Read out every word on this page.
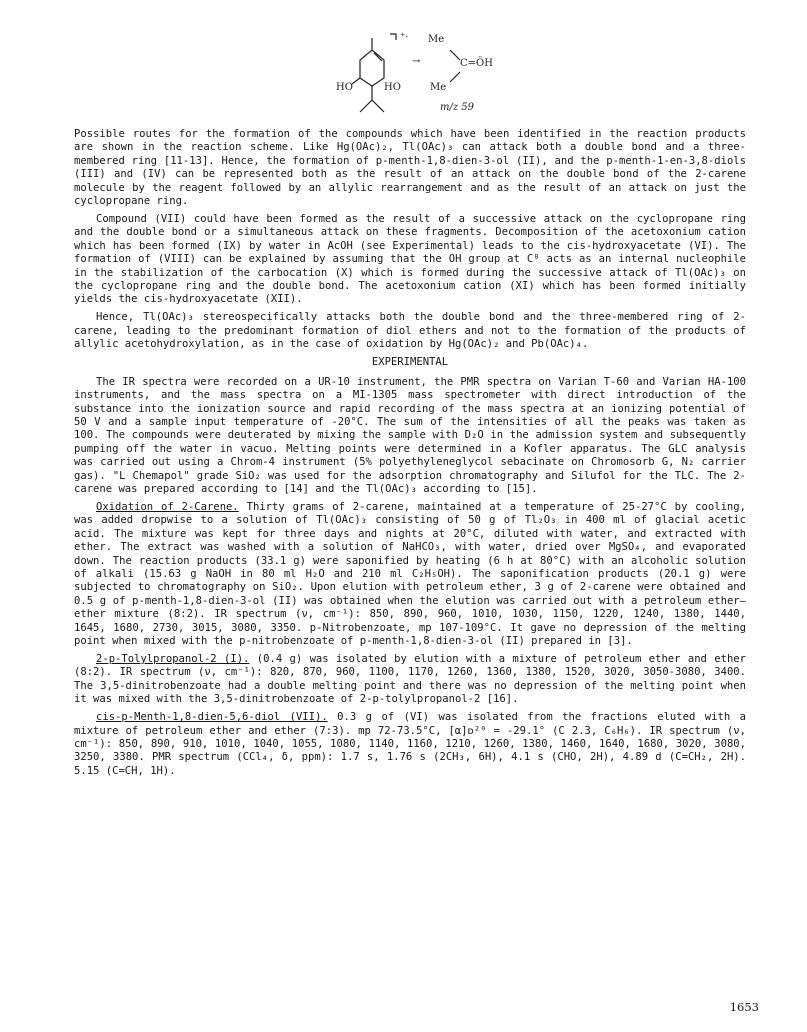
⁺· Me
→	C=ÖH
Me
HO	HO
m/z 59

Possible routes for the formation of the compounds which have been identified in the reaction products are shown in the reaction scheme. Like Hg(OAc)₂, Tl(OAc)₃ can attack both a double bond and a three-membered ring [11-13]. Hence, the formation of p-menth-1,8-dien-3-ol (II), and the p-menth-1-en-3,8-diols (III) and (IV) can be represented both as the result of an attack on the double bond of the 2-carene molecule by the reagent followed by an allylic rearrangement and as the result of an attack on just the cyclopropane ring.

Compound (VII) could have been formed as the result of a successive attack on the cyclopropane ring and the double bond or a simultaneous attack on these fragments. Decomposition of the acetoxonium cation which has been formed (IX) by water in AcOH (see Experimental) leads to the cis-hydroxyacetate (VI). The formation of (VIII) can be explained by assuming that the OH group at C⁸ acts as an internal nucleophile in the stabilization of the carbocation (X) which is formed during the successive attack of Tl(OAc)₃ on the cyclopropane ring and the double bond. The acetoxonium cation (XI) which has been formed initially yields the cis-hydroxyacetate (XII).

Hence, Tl(OAc)₃ stereospecifically attacks both the double bond and the three-membered ring of 2-carene, leading to the predominant formation of diol ethers and not to the formation of the products of allylic acetohydroxylation, as in the case of oxidation by Hg(OAc)₂ and Pb(OAc)₄.

EXPERIMENTAL

The IR spectra were recorded on a UR-10 instrument, the PMR spectra on Varian T-60 and Varian HA-100 instruments, and the mass spectra on a MI-1305 mass spectrometer with direct introduction of the substance into the ionization source and rapid recording of the mass spectra at an ionizing potential of 50 V and a sample input temperature of -20°C. The sum of the intensities of all the peaks was taken as 100. The compounds were deuterated by mixing the sample with D₂O in the admission system and subsequently pumping off the water in vacuo. Melting points were determined in a Kofler apparatus. The GLC analysis was carried out using a Chrom-4 instrument (5% polyethyleneglycol sebacinate on Chromosorb G, N₂ carrier gas). "L Chemapol" grade SiO₂ was used for the adsorption chromatography and Silufol for the TLC. The 2-carene was prepared according to [14] and the Tl(OAc)₃ according to [15].

Oxidation of 2-Carene. Thirty grams of 2-carene, maintained at a temperature of 25-27°C by cooling, was added dropwise to a solution of Tl(OAc)₃ consisting of 50 g of Tl₂O₃ in 400 ml of glacial acetic acid. The mixture was kept for three days and nights at 20°C, diluted with water, and extracted with ether. The extract was washed with a solution of NaHCO₃, with water, dried over MgSO₄, and evaporated down. The reaction products (33.1 g) were saponified by heating (6 h at 80°C) with an alcoholic solution of alkali (15.63 g NaOH in 80 ml H₂O and 210 ml C₂H₅OH). The saponification products (20.1 g) were subjected to chromatography on SiO₂. Upon elution with petroleum ether, 3 g of 2-carene were obtained and 0.5 g of p-menth-1,8-dien-3-ol (II) was obtained when the elution was carried out with a petroleum ether–ether mixture (8:2). IR spectrum (ν, cm⁻¹): 850, 890, 960, 1010, 1030, 1150, 1220, 1240, 1380, 1440, 1645, 1680, 2730, 3015, 3080, 3350. p-Nitrobenzoate, mp 107-109°C. It gave no depression of the melting point when mixed with the p-nitrobenzoate of p-menth-1,8-dien-3-ol (II) prepared in [3].

2-p-Tolylpropanol-2 (I). (0.4 g) was isolated by elution with a mixture of petroleum ether and ether (8:2). IR spectrum (ν, cm⁻¹): 820, 870, 960, 1100, 1170, 1260, 1360, 1380, 1520, 3020, 3050-3080, 3400. The 3,5-dinitrobenzoate had a double melting point and there was no depression of the melting point when it was mixed with the 3,5-dinitrobenzoate of 2-p-tolylpropanol-2 [16].

cis-p-Menth-1,8-dien-5,6-diol (VII). 0.3 g of (VI) was isolated from the fractions eluted with a mixture of petroleum ether and ether (7:3). mp 72-73.5°C, [α]ᴅ²⁰ = -29.1° (C 2.3, C₆H₆). IR spectrum (ν, cm⁻¹): 850, 890, 910, 1010, 1040, 1055, 1080, 1140, 1160, 1210, 1260, 1380, 1460, 1640, 1680, 3020, 3080, 3250, 3380. PMR spectrum (CCl₄, δ, ppm): 1.7 s, 1.76 s (2CH₃, 6H), 4.1 s (CHO, 2H), 4.89 d (C=CH₂, 2H). 5.15 (C=CH, 1H).

1653
